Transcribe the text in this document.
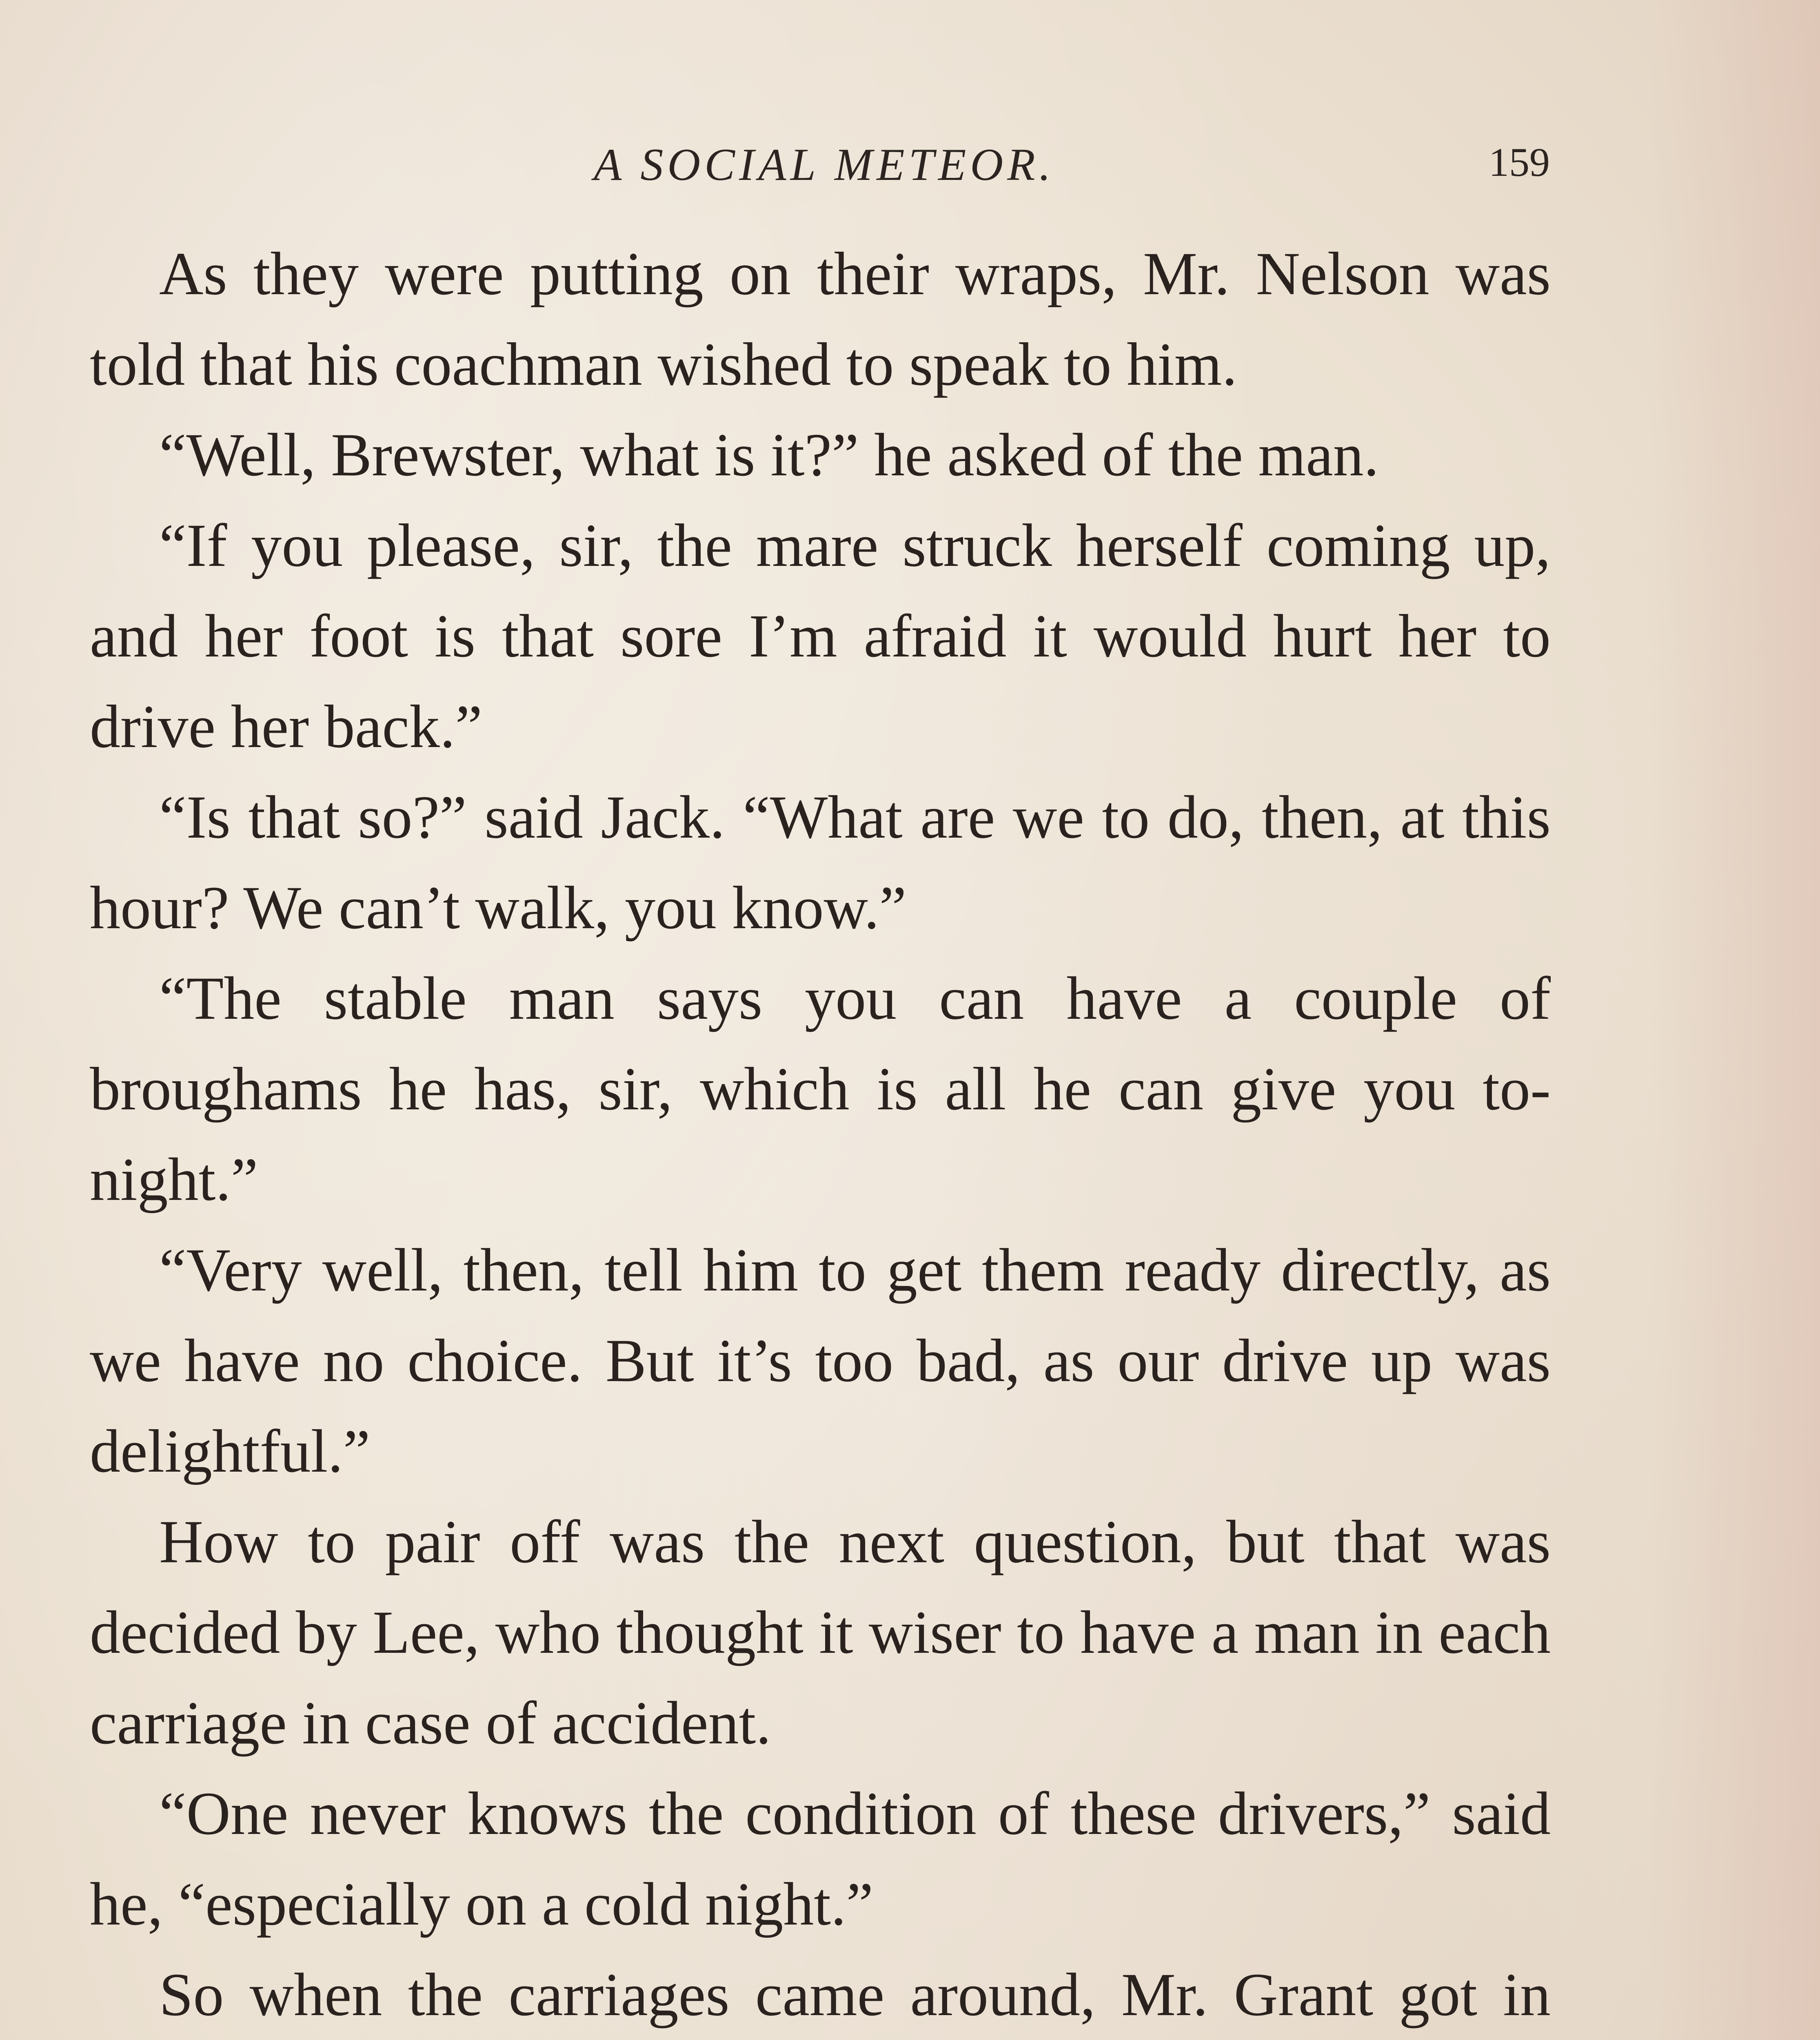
A SOCIAL METEOR.	159

As they were putting on their wraps, Mr. Nelson was told that his coachman wished to speak to him.

“Well, Brewster, what is it?” he asked of the man.

“If you please, sir, the mare struck herself coming up, and her foot is that sore I’m afraid it would hurt her to drive her back.”

“Is that so?” said Jack. “What are we to do, then, at this hour? We can’t walk, you know.”

“The stable man says you can have a couple of broughams he has, sir, which is all he can give you to-night.”

“Very well, then, tell him to get them ready directly, as we have no choice. But it’s too bad, as our drive up was delightful.”

How to pair off was the next question, but that was decided by Lee, who thought it wiser to have a man in each carriage in case of accident.

“One never knows the condition of these drivers,” said he, “especially on a cold night.”

So when the carriages came around, Mr. Grant got in
